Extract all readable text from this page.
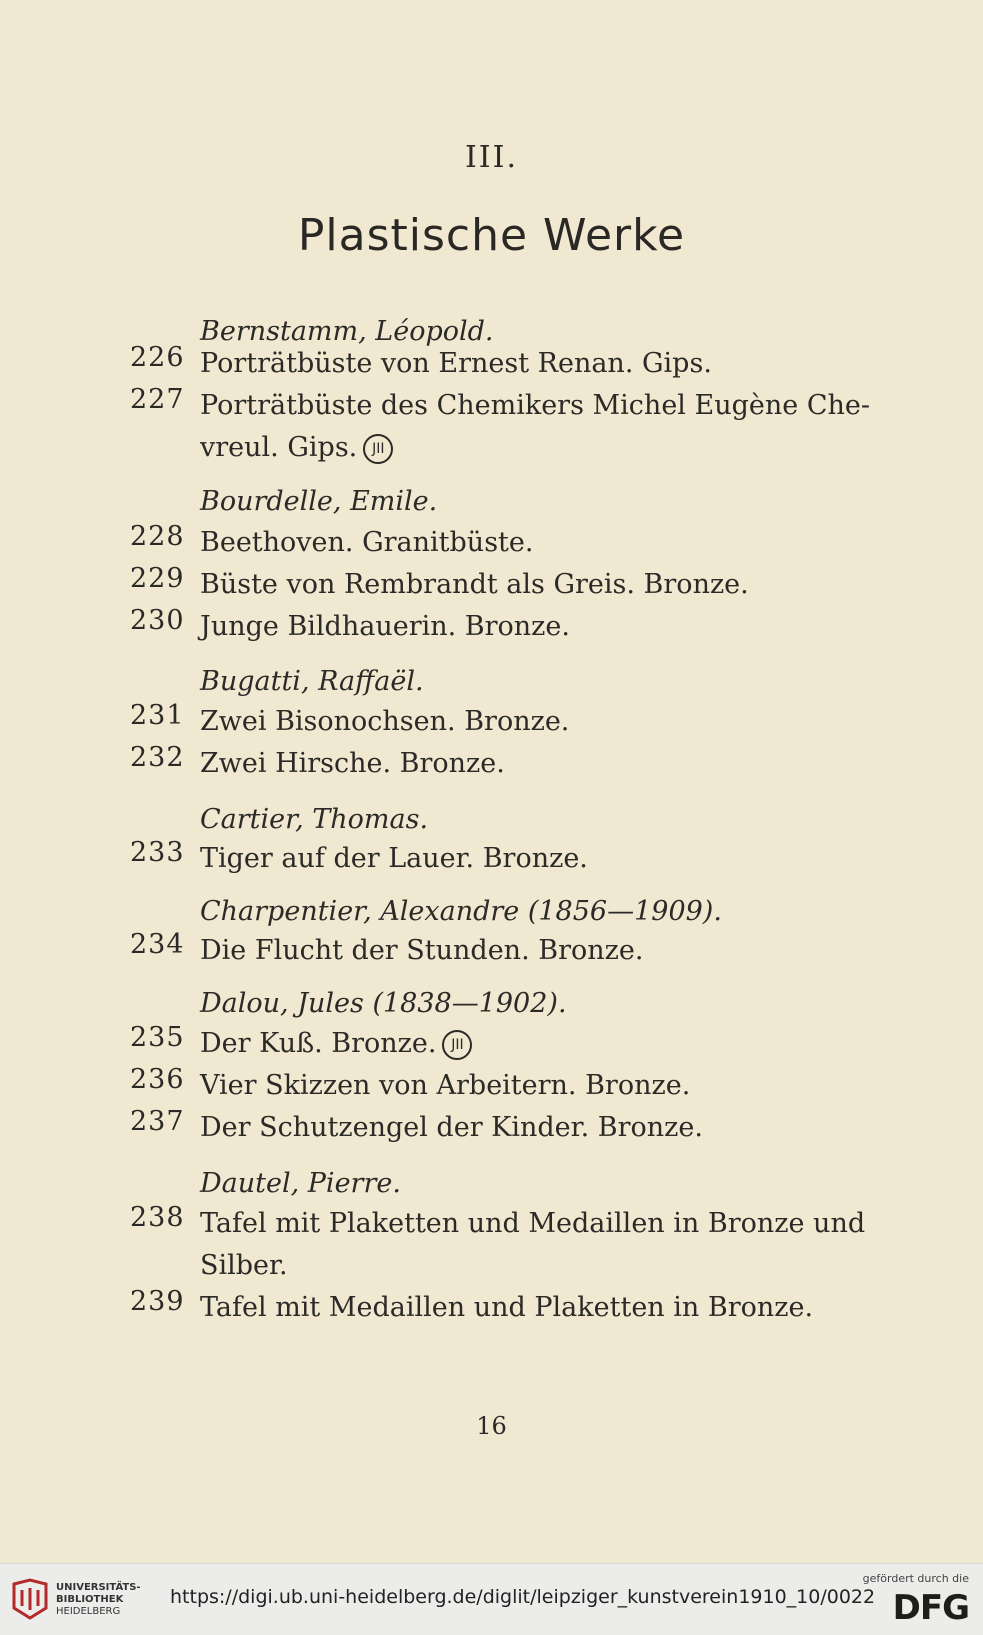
III.
Plastische Werke
Bernstamm, Léopold.
226 Porträtbüste von Ernest Renan. Gips.
227 Porträtbüste des Chemikers Michel Eugène Che-
vreul. Gips. JII
Bourdelle, Emile.
228 Beethoven. Granitbüste.
229 Büste von Rembrandt als Greis. Bronze.
230 Junge Bildhauerin. Bronze.
Bugatti, Raffaël.
231 Zwei Bisonochsen. Bronze.
232 Zwei Hirsche. Bronze.
Cartier, Thomas.
233 Tiger auf der Lauer. Bronze.
Charpentier, Alexandre (1856—1909).
234 Die Flucht der Stunden. Bronze.
Dalou, Jules (1838—1902).
235 Der Kuß. Bronze. JII
236 Vier Skizzen von Arbeitern. Bronze.
237 Der Schutzengel der Kinder. Bronze.
Dautel, Pierre.
238 Tafel mit Plaketten und Medaillen in Bronze und
Silber.
239 Tafel mit Medaillen und Plaketten in Bronze.
16
UNIVERSITÄTS-
BIBLIOTHEK
HEIDELBERG
https://digi.ub.uni-heidelberg.de/diglit/leipziger_kunstverein1910_10/0022
gefördert durch die
DFG
